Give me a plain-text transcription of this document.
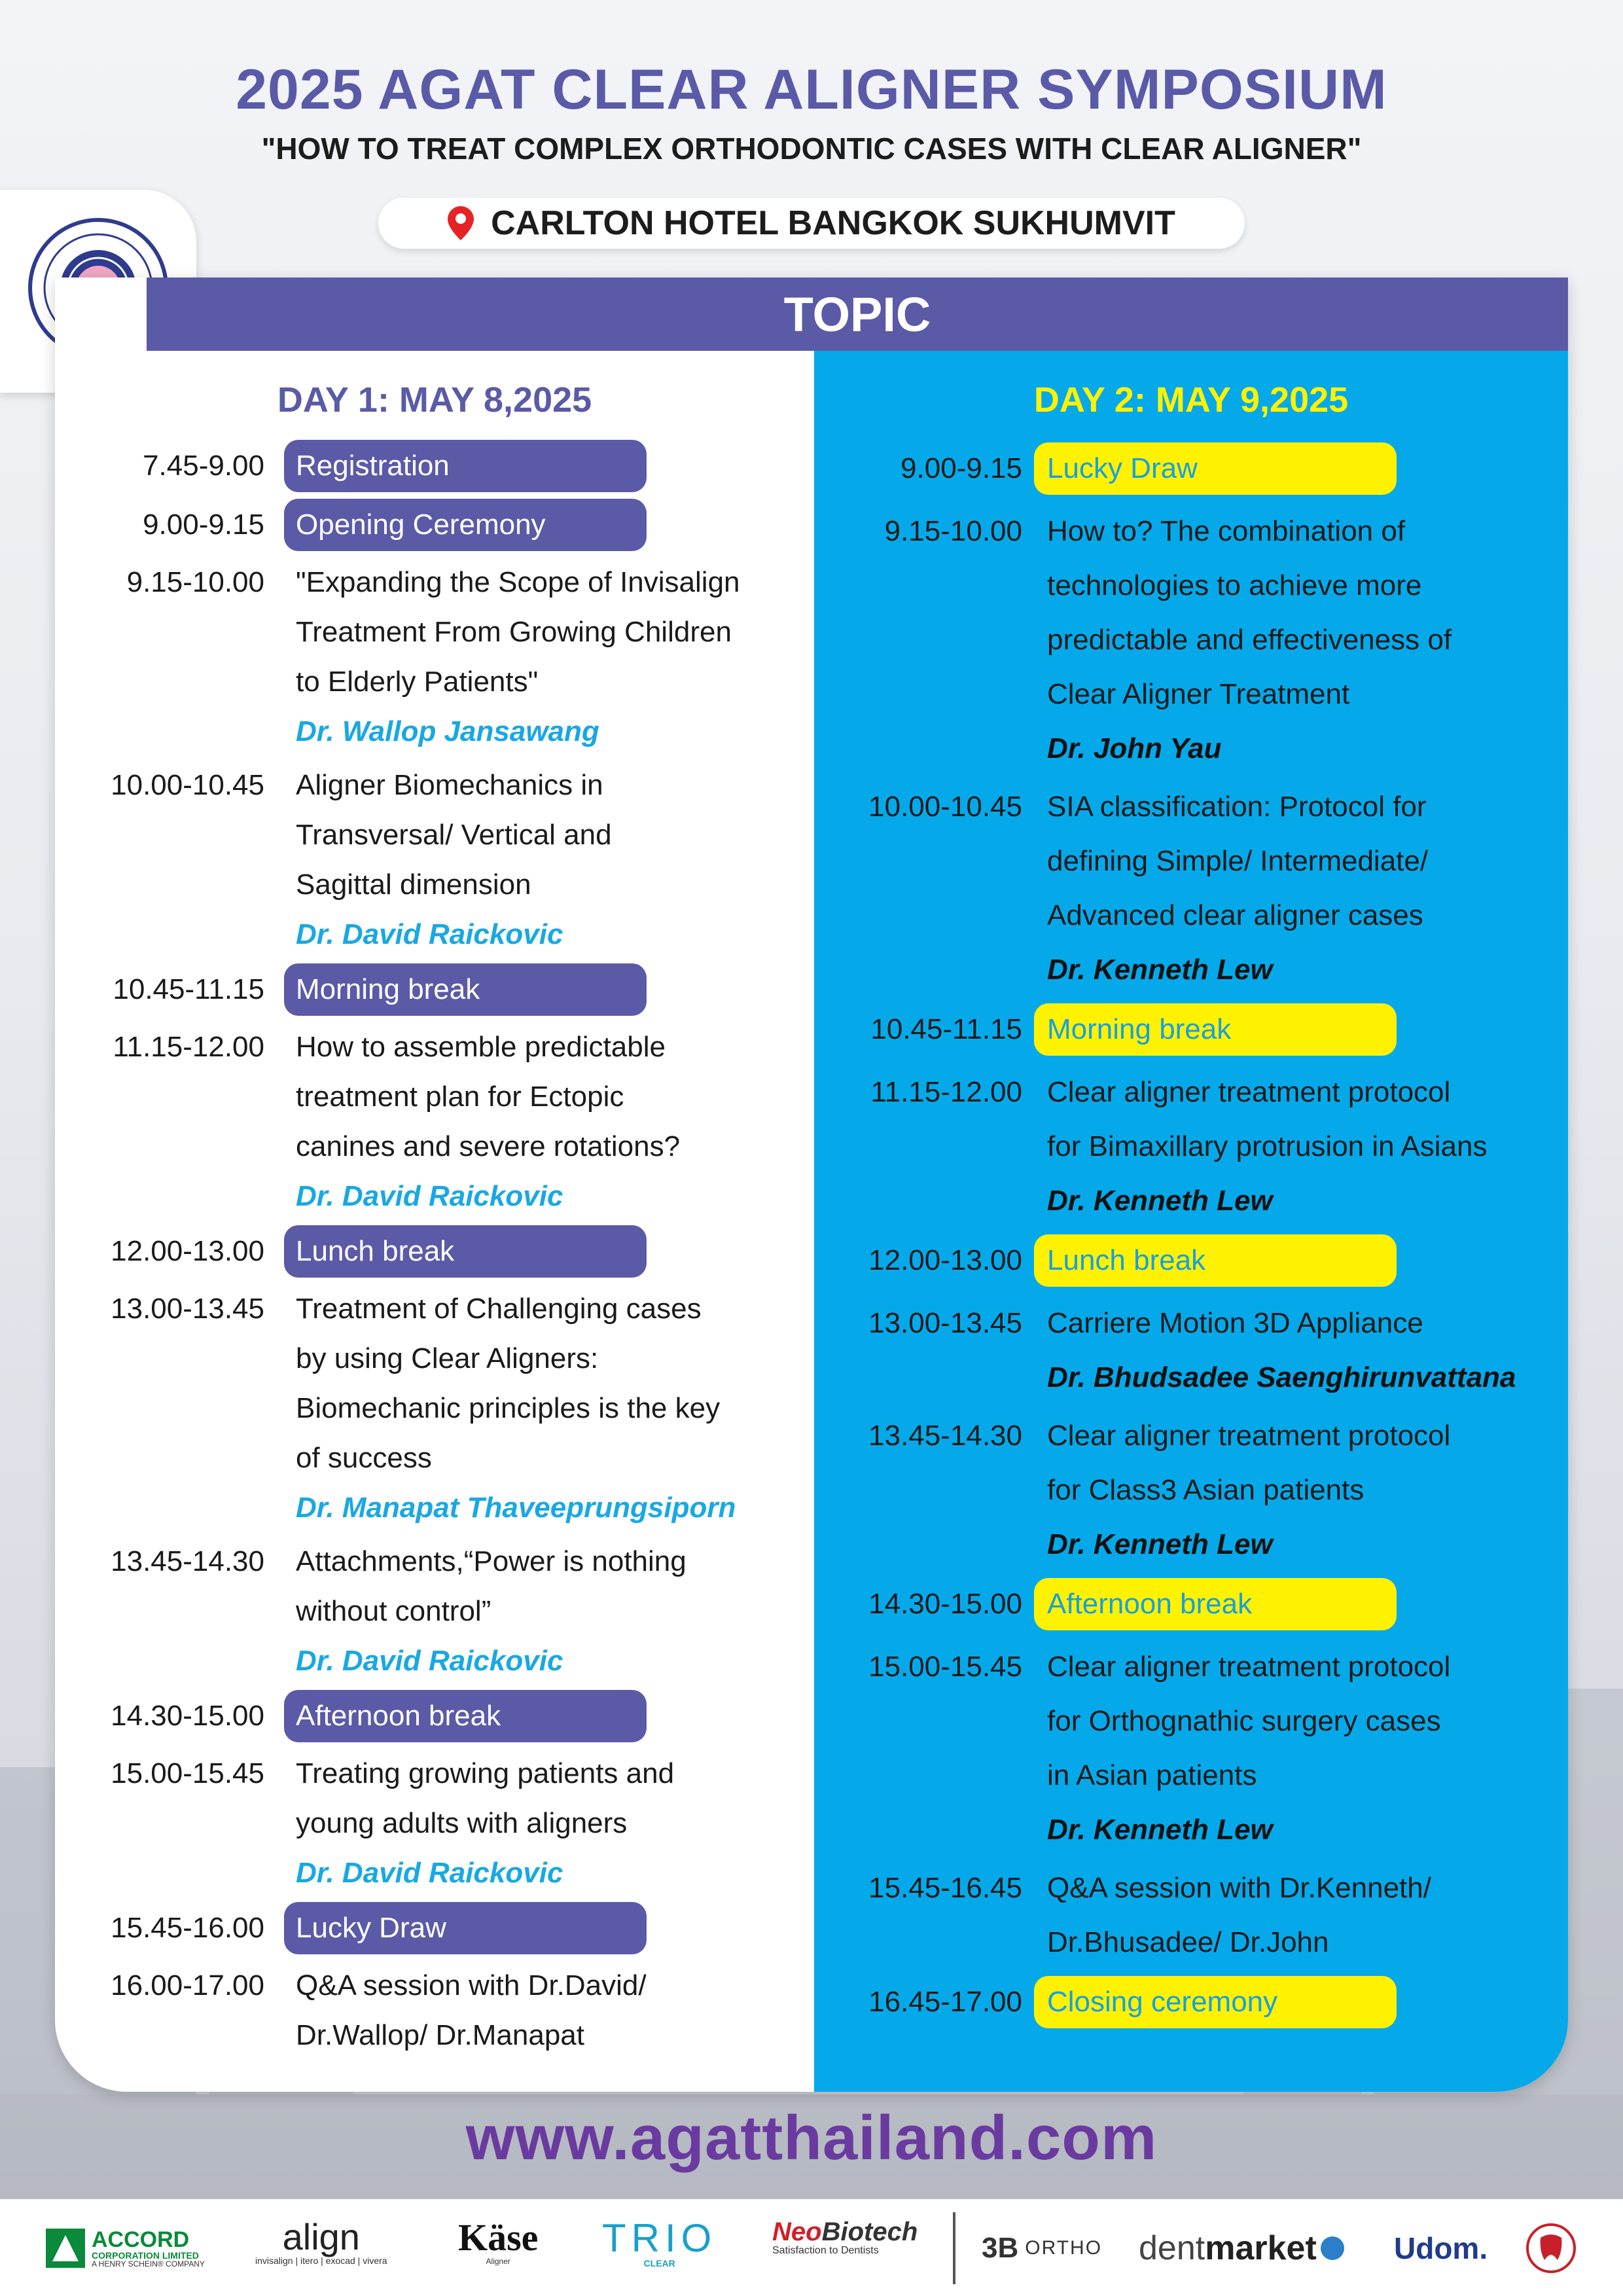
2025 AGAT CLEAR ALIGNER SYMPOSIUM
"HOW TO TREAT COMPLEX ORTHODONTIC CASES WITH CLEAR ALIGNER"
CARLTON HOTEL BANGKOK SUKHUMVIT
DAY 1: MAY 8,2025	DAY 2: MAY 9,2025
7.45-9.00	Registration
9.00-9.15	Opening Ceremony
9.15-10.00 "Expanding the Scope of Invisalign
Treatment From Growing Children
to Elderly Patients"
Dr. Wallop Jansawang
10.00-10.45 Aligner Biomechanics in
Transversal/ Vertical and
Sagittal dimension
Dr. David Raickovic
10.45-11.15	Morning break
11.15-12.00 How to assemble predictable
treatment plan for Ectopic
canines and severe rotations?
Dr. David Raickovic
12.00-13.00	Lunch break
13.00-13.45 Treatment of Challenging cases
by using Clear Aligners:
Biomechanic principles is the key
of success
Dr. Manapat Thaveeprungsiporn
13.45-14.30 Attachments,“Power is nothing
without control”
Dr. David Raickovic
14.30-15.00	Afternoon break
15.00-15.45 Treating growing patients and
young adults with aligners
Dr. David Raickovic
15.45-16.00	Lucky Draw
16.00-17.00 Q&A session with Dr.David/
Dr.Wallop/ Dr.Manapat
9.00-9.15 Lucky Draw
9.15-10.00 How to? The combination of
technologies to achieve more
predictable and effectiveness of
Clear Aligner Treatment
Dr. John Yau
10.00-10.45 SIA classification: Protocol for
defining Simple/ Intermediate/
Advanced clear aligner cases
Dr. Kenneth Lew
10.45-11.15 Morning break
11.15-12.00 Clear aligner treatment protocol
for Bimaxillary protrusion in Asians
Dr. Kenneth Lew
12.00-13.00 Lunch break
13.00-13.45 Carriere Motion 3D Appliance
Dr. Bhudsadee Saenghirunvattana
13.45-14.30 Clear aligner treatment protocol
for Class3 Asian patients
Dr. Kenneth Lew
14.30-15.00 Afternoon break
15.00-15.45 Clear aligner treatment protocol
for Orthognathic surgery cases
in Asian patients
Dr. Kenneth Lew
15.45-16.45 Q&A session with Dr.Kenneth/
Dr.Bhusadee/ Dr.John
16.45-17.00 Closing ceremony
TOPIC
www.agatthailand.com
ACCORD
CORPORATION LIMITED
A HENRY SCHEIN® COMPANY
align
invisalign | itero | exocad | vivera
Käse
Aligner
TRIO
CLEAR
NeoBiotech
Satisfaction to Dentists	3B ORTHO dent market	Udom.
